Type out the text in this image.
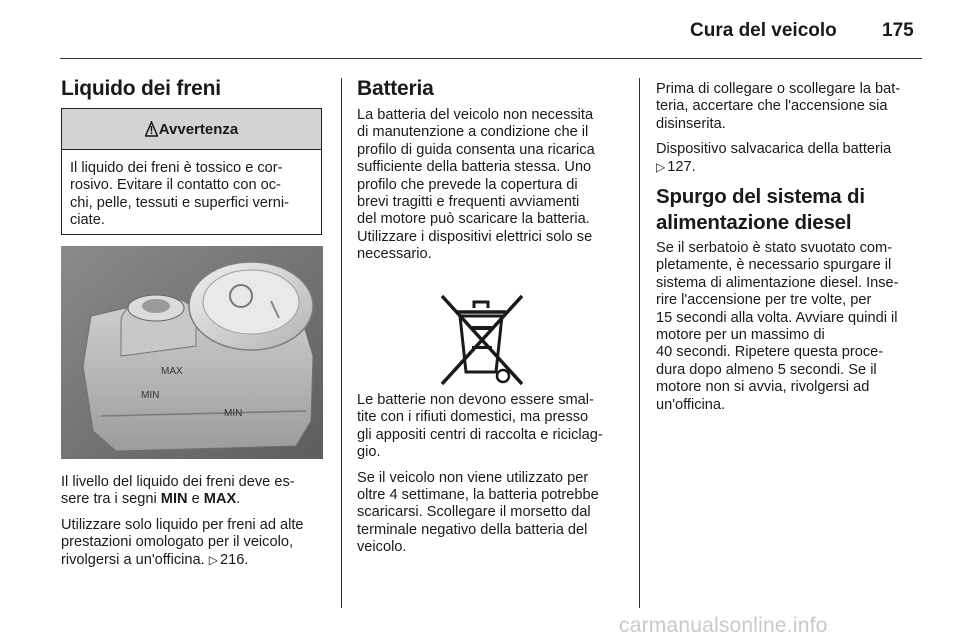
Cura del veicolo 175
Liquido dei freni
Avvertenza
Il liquido dei freni è tossico e cor-
rosivo. Evitare il contatto con oc-
chi, pelle, tessuti e superfici verni-
ciate.
MAX
MIN
MIN

Il livello del liquido dei freni deve es-
sere tra i segni MIN e MAX.

Utilizzare solo liquido per freni ad alte
prestazioni omologato per il veicolo,
rivolgersi a un'officina. ▷ 216.

Batteria

La batteria del veicolo non necessita
di manutenzione a condizione che il
profilo di guida consenta una ricarica
sufficiente della batteria stessa. Uno
profilo che prevede la copertura di
brevi tragitti e frequenti avviamenti
del motore può scaricare la batteria.
Utilizzare i dispositivi elettrici solo se
necessario.

Le batterie non devono essere smal-
tite con i rifiuti domestici, ma presso
gli appositi centri di raccolta e riciclag-
gio.

Se il veicolo non viene utilizzato per
oltre 4 settimane, la batteria potrebbe
scaricarsi. Scollegare il morsetto dal
terminale negativo della batteria del
veicolo.

Prima di collegare o scollegare la bat-
teria, accertare che l'accensione sia
disinserita.

Dispositivo salvacarica della batteria
▷ 127.

Spurgo del sistema di
alimentazione diesel

Se il serbatoio è stato svuotato com-
pletamente, è necessario spurgare il
sistema di alimentazione diesel. Inse-
rire l'accensione per tre volte, per
15 secondi alla volta. Avviare quindi il
motore per un massimo di
40 secondi. Ripetere questa proce-
dura dopo almeno 5 secondi. Se il
motore non si avvia, rivolgersi ad
un'officina.

carmanualsonline.info
